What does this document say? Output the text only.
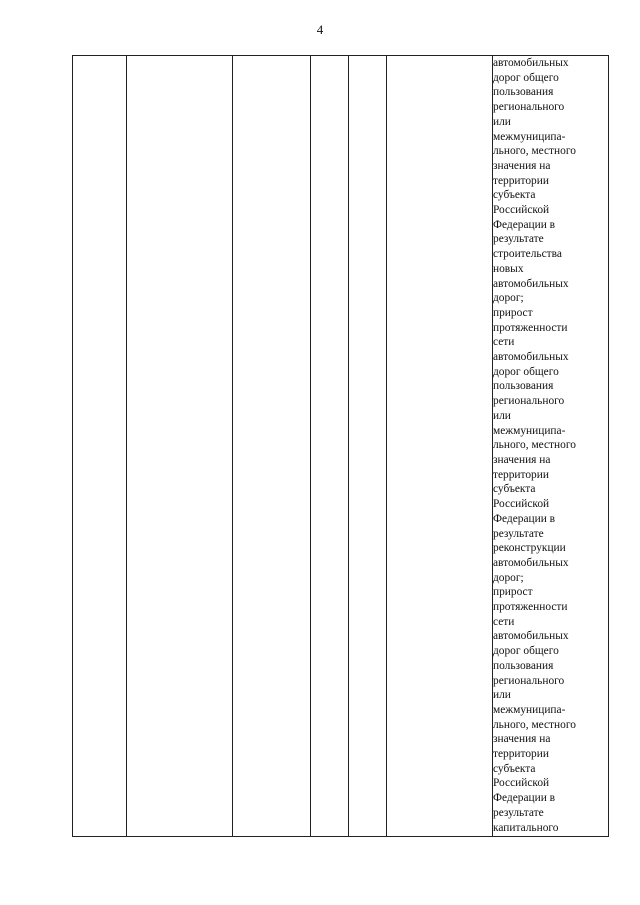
4

автомобильных
дорог общего
пользования
регионального
или
межмуниципа-
льного, местного
значения на
территории
субъекта
Российской
Федерации в
результате
строительства
новых
автомобильных
дорог;
прирост
протяженности
сети
автомобильных
дорог общего
пользования
регионального
или
межмуниципа-
льного, местного
значения на
территории
субъекта
Российской
Федерации в
результате
реконструкции
автомобильных
дорог;
прирост
протяженности
сети
автомобильных
дорог общего
пользования
регионального
или
межмуниципа-
льного, местного
значения на
территории
субъекта
Российской
Федерации в
результате
капитального
